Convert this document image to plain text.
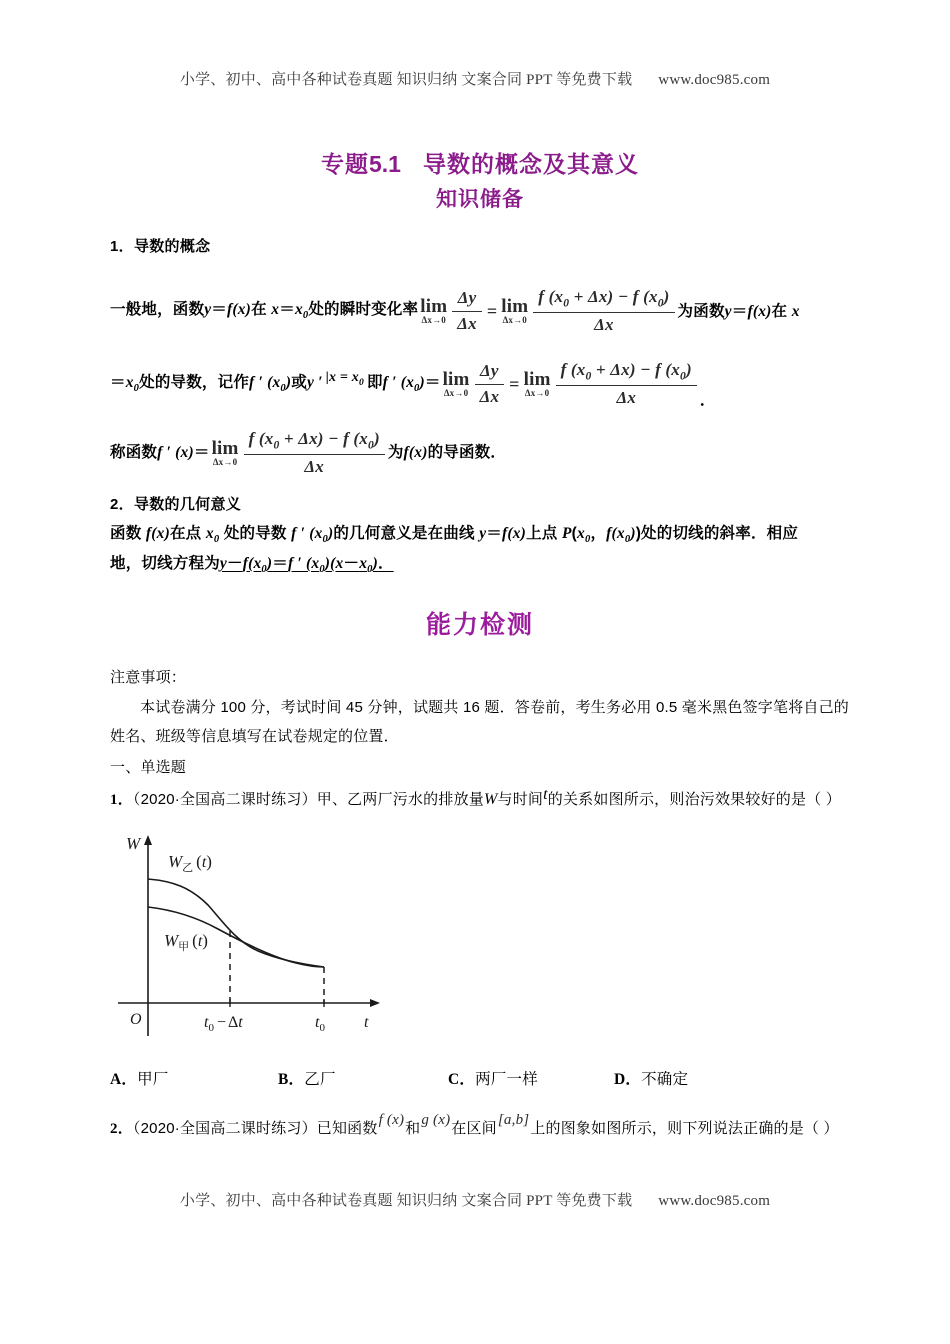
小学、初中、高中各种试卷真题 知识归纳 文案合同 PPT 等免费下载 www.doc985.com
专题5.1 导数的概念及其意义
知识储备
1．导数的概念
一般地，函数y＝f(x)在 $x=x_0$处的瞬时变化率 lim
$\Delta x\to 0 \frac{\Delta y}{\Delta x} = \lim$
$\Delta x\to 0 \frac{f (x_0 + \Delta x) - f (x_0)}{\Delta x}$ 为函数y＝f(x)在 x
$=x_0$处的导数，记作f ′ $(x_0)$或y ′ $|x = x_0$ 即f ′ $(x_0)= \lim$
$\Delta x\to 0 \frac{\Delta y}{\Delta x} = \lim$
$\Delta x\to 0 \frac{f (x_0 + \Delta x) - f (x_0)}{\Delta x}$ ．
称函数f ′ (x)＝ lim
$\Delta x\to 0 \frac{f (x_0 + \Delta x) - f (x_0)}{\Delta x}$ 为f(x)的导函数．
2．导数的几何意义
函数 f(x)在点 $x_0$ 处的导数 f ′ $(x_0)$的几何意义是在曲线 y＝f(x)上点 $P(x_0$，$f(x_0)$)处的切线的斜率．相应
地，切线方程为$y-f(x_0)=f$ ′ $(x_0)(x-x_0)$．
能力检测
注意事项：
本试卷满分 100 分，考试时间 45 分钟，试题共 16 题．答卷前，考生务必用 0.5 毫米黑色签字笔将自己的姓名、班级等信息填写在试卷规定的位置．
一、单选题
1．（2020·全国高二课时练习）甲、乙两厂污水的排放量W与时间t的关系如图所示，则治污效果较好的是（ ）
W
t
O
$W_乙$ (t)
$W_甲$ (t)
$t_0 - \Delta t$	$t_0$
A．甲厂	B．乙厂	C．两厂一样	D．不确定
2．（2020·全国高二课时练习）已知函数f (x)和g (x)在区间[a,b]上的图象如图所示，则下列说法正确的是（ ）
小学、初中、高中各种试卷真题 知识归纳 文案合同 PPT 等免费下载 www.doc985.com
